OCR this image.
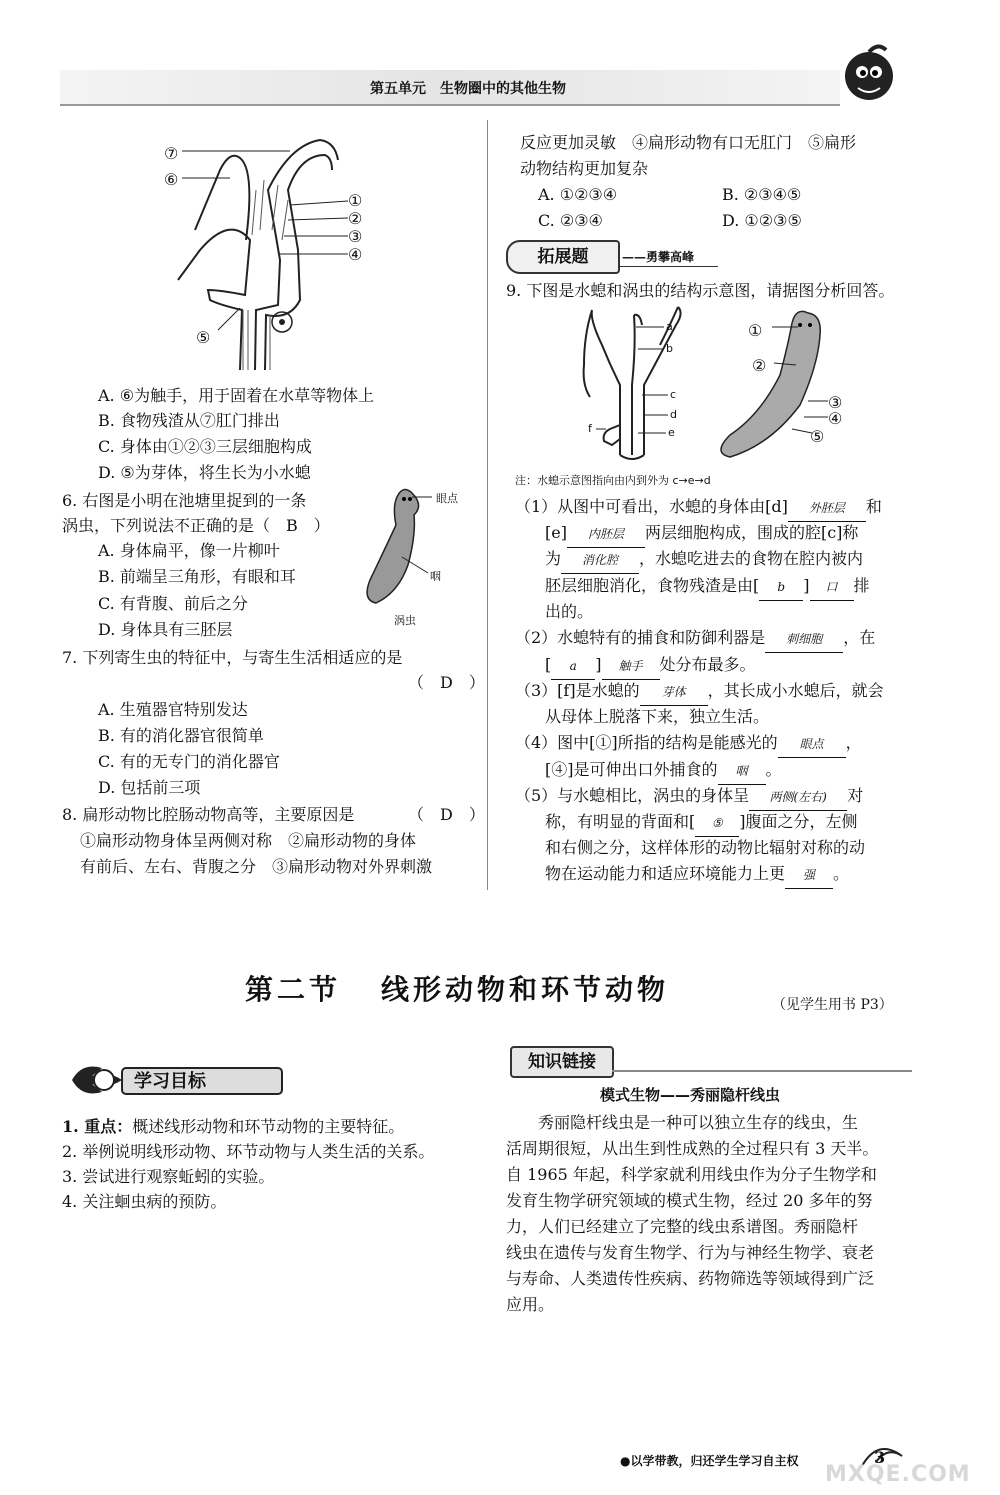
第五单元　生物圈中的其他生物
⑦
⑥
①
②
③
④
⑤
A. ⑥为触手，用于固着在水草等物体上
B. 食物残渣从⑦肛门排出
C. 身体由①②③三层细胞构成
D. ⑤为芽体，将生长为小水螅
6. 右图是小明在池塘里捉到的一条
涡虫，下列说法不正确的是（　B　）
A. 身体扁平，像一片柳叶
B. 前端呈三角形，有眼和耳
C. 有背腹、前后之分
D. 身体具有三胚层
眼点
咽
涡虫
7. 下列寄生虫的特征中，与寄生生活相适应的是
（　D　）
A. 生殖器官特别发达
B. 有的消化器官很简单
C. 有的无专门的消化器官
D. 包括前三项
8. 扁形动物比腔肠动物高等，主要原因是	（　D　）
①扁形动物身体呈两侧对称　②扁形动物的身体
有前后、左右、背腹之分　③扁形动物对外界刺激
反应更加灵敏　④扁形动物有口无肛门　⑤扁形
动物结构更加复杂
A. ①②③④	B. ②③④⑤
C. ②③④	D. ①②③⑤
拓展题	——勇攀高峰
9. 下图是水螅和涡虫的结构示意图，请据图分析回答。
a
b
c
d
e
f
①
②
③
④
⑤
注：水螅示意图指向由内到外为 c→e→d
（1）从图中可看出，水螅的身体由[d] 外胚层 和
[e] 内胚层 两层细胞构成，围成的腔[c]称
为 消化腔 ，水螅吃进去的食物在腔内被内
胚层细胞消化，食物残渣是由[ b ] 口 排
出的。
（2）水螅特有的捕食和防御利器是 刺细胞 ，在
[ a ] 触手 处分布最多。
（3）[f]是水螅的 芽体 ，其长成小水螅后，就会
从母体上脱落下来，独立生活。
（4）图中[①]所指的结构是能感光的 眼点 ，
[④]是可伸出口外捕食的 咽 。
（5）与水螅相比，涡虫的身体呈 两侧(左右) 对
称，有明显的背面和[ ⑤ ]腹面之分，左侧
和右侧之分，这样体形的动物比辐射对称的动
物在运动能力和适应环境能力上更 强 。
第二节 线形动物和环节动物	（见学生用书 P3）
学习目标
1. 重点：概述线形动物和环节动物的主要特征。
2. 举例说明线形动物、环节动物与人类生活的关系。
3. 尝试进行观察蚯蚓的实验。
4. 关注蛔虫病的预防。
知识链接
模式生物——秀丽隐杆线虫
　　秀丽隐杆线虫是一种可以独立生存的线虫，生
活周期很短，从出生到性成熟的全过程只有 3 天半。
自 1965 年起，科学家就利用线虫作为分子生物学和
发育生物学研究领域的模式生物，经过 20 多年的努
力，人们已经建立了完整的线虫系谱图。秀丽隐杆
线虫在遗传与发育生物学、行为与神经生物学、衰老
与寿命、人类遗传性疾病、药物筛选等领域得到广泛
应用。
●以学带教，归还学生学习自主权	3
MXQE.COM
